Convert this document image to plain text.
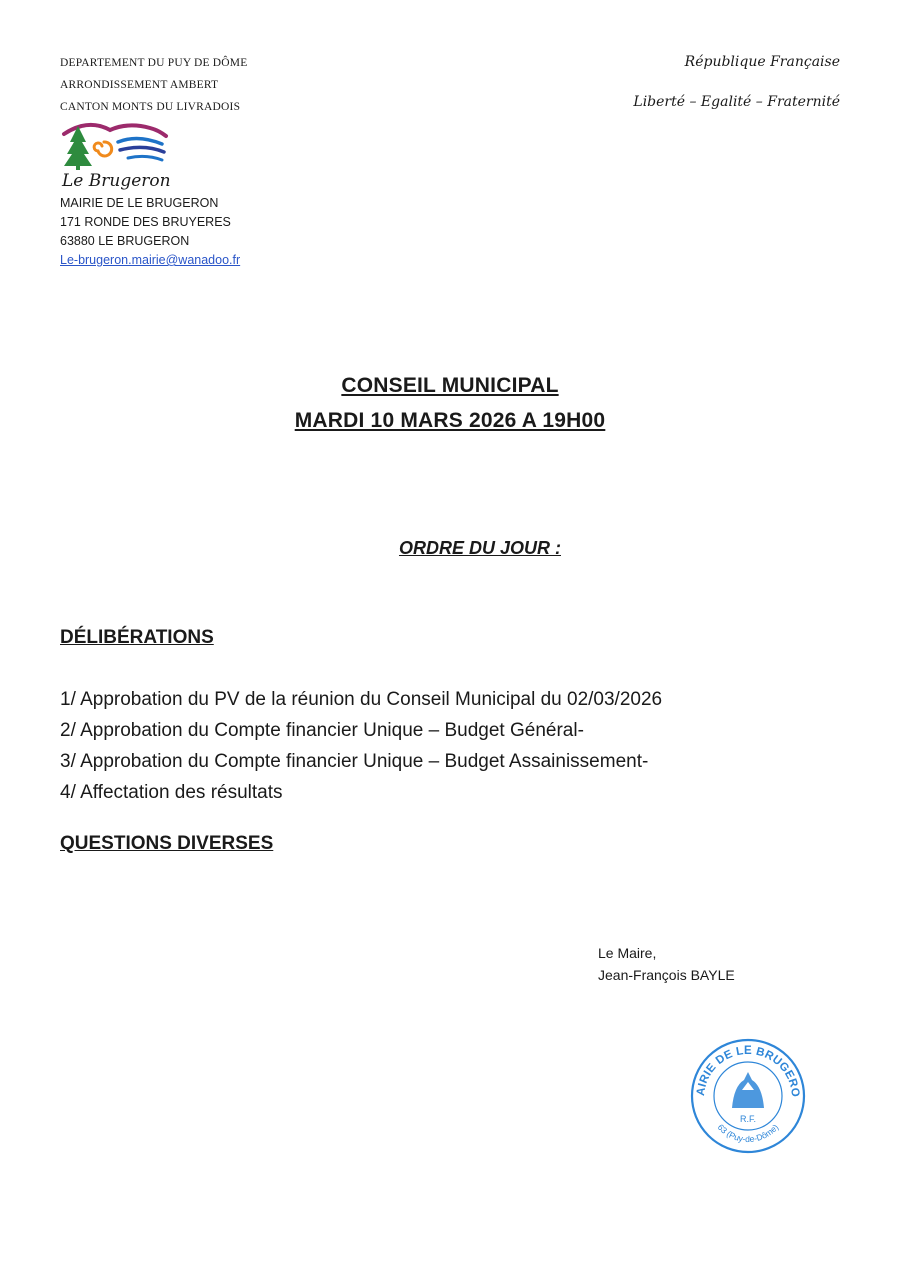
DEPARTEMENT DU PUY DE DÔME
ARRONDISSEMENT AMBERT
CANTON MONTS DU LIVRADOIS
République Française
Liberté – Egalité – Fraternité
Le Brugeron
MAIRIE DE LE BRUGERON
171 RONDE DES BRUYERES
63880 LE BRUGERON
Le-brugeron.mairie@wanadoo.fr
CONSEIL MUNICIPAL
MARDI 10 MARS 2026 A 19H00
ORDRE DU JOUR :
DÉLIBÉRATIONS
1/ Approbation du PV de la réunion du Conseil Municipal du 02/03/2026
2/ Approbation du Compte financier Unique – Budget Général-
3/ Approbation du Compte financier Unique – Budget Assainissement-
4/ Affectation des résultats
QUESTIONS DIVERSES
Le Maire,
Jean-François BAYLE
AIRIE DE LE BRUGERO
R.F.
63 (Puy-de-Dôme)
